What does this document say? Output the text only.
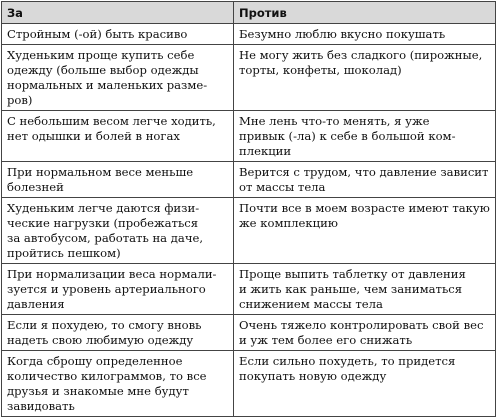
За	Против

Стройным (-ой) быть красиво	Безумно люблю вкусно покушать

Худеньким проще купить себе
одежду (больше выбор одежды
нормальных и маленьких разме-
ров)	Не могу жить без сладкого (пирожные,
торты, конфеты, шоколад)

С небольшим весом легче ходить,
нет одышки и болей в ногах	Мне лень что-то менять, я уже
привык (-ла) к себе в большой ком-
плекции

При нормальном весе меньше
болезней	Верится с трудом, что давление зависит
от массы тела

Худеньким легче даются физи-
ческие нагрузки (пробежаться
за автобусом, работать на даче,
пройтись пешком)	Почти все в моем возрасте имеют такую
же комплекцию

При нормализации веса нормали-
зуется и уровень артериального
давления	Проще выпить таблетку от давления
и жить как раньше, чем заниматься
снижением массы тела

Если я похудею, то смогу вновь
надеть свою любимую одежду	Очень тяжело контролировать свой вес
и уж тем более его снижать

Когда сброшу определенное
количество килограммов, то все
друзья и знакомые мне будут
завидовать	Если сильно похудеть, то придется
покупать новую одежду
